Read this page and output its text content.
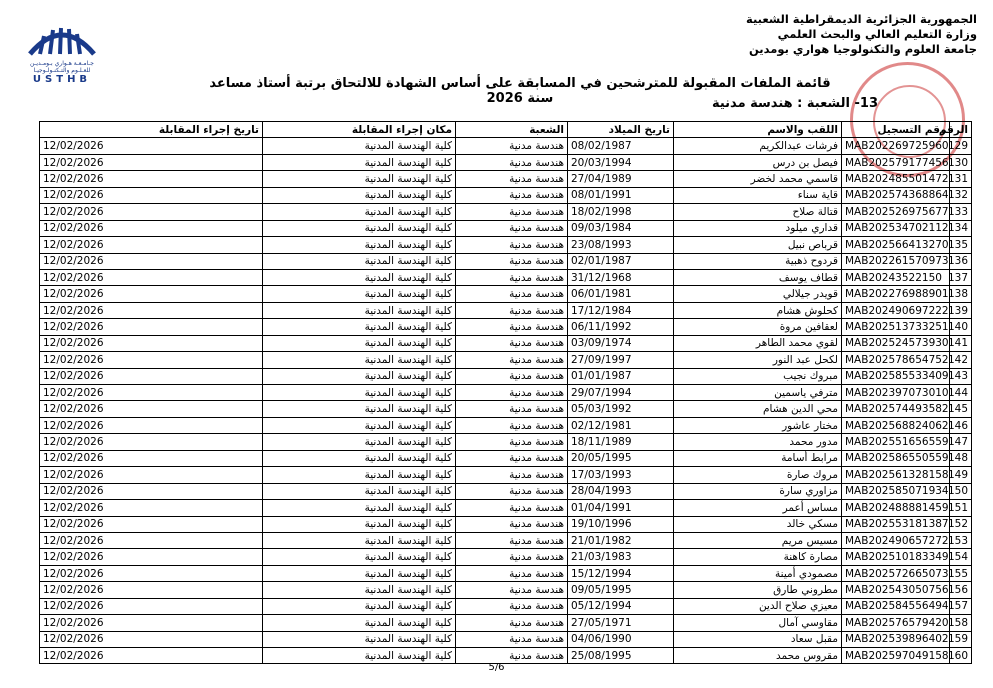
الجمهورية الجزائرية الديمقراطية الشعبية
وزارة التعليم العالي والبحث العلمي
جامعة العلوم والتكنولوجيا هواري بومدين
جـامـعـة هـواري بـومـديـن للعـلـوم والتـكنـولـوجيـا
USTHB	قائمة الملفات المقبولة للمترشحين في المسابقة على أساس الشهادة للالتحاق برتبة أستاذ مساعد سنة 2026	13- الشعبة : هندسة مدنية
الرقم	رقم التسجيل	اللقب والاسم	تاريخ الميلاد	الشعبة	مكان إجراء المقابلة	تاريخ إجراء المقابلة
129	MAB202269725960	فرشات عبدالكريم	08/02/1987	هندسة مدنية	كلية الهندسة المدنية	12/02/2026
130	MAB202579177456	فيصل بن درس	20/03/1994	هندسة مدنية	كلية الهندسة المدنية	12/02/2026
131	MAB202485501472	قاسمي محمد لخضر	27/04/1989	هندسة مدنية	كلية الهندسة المدنية	12/02/2026
132	MAB202574368864	قاية سناء	08/01/1991	هندسة مدنية	كلية الهندسة المدنية	12/02/2026
133	MAB202526975677	قتالة صلاح	18/02/1998	هندسة مدنية	كلية الهندسة المدنية	12/02/2026
134	MAB202534702112	قداري ميلود	09/03/1984	هندسة مدنية	كلية الهندسة المدنية	12/02/2026
135	MAB202566413270	قرباص نبيل	23/08/1993	هندسة مدنية	كلية الهندسة المدنية	12/02/2026
136	MAB202261570973	قردوح ذهبية	02/01/1987	هندسة مدنية	كلية الهندسة المدنية	12/02/2026
137	MAB20243522150	قطاف يوسف	31/12/1968	هندسة مدنية	كلية الهندسة المدنية	12/02/2026
138	MAB202276988901	قويدر جيلالي	06/01/1981	هندسة مدنية	كلية الهندسة المدنية	12/02/2026
139	MAB202490697222	كحلوش هشام	17/12/1984	هندسة مدنية	كلية الهندسة المدنية	12/02/2026
140	MAB202513733251	لعقافين مروة	06/11/1992	هندسة مدنية	كلية الهندسة المدنية	12/02/2026
141	MAB202524573930	لقوي محمد الطاهر	03/09/1974	هندسة مدنية	كلية الهندسة المدنية	12/02/2026
142	MAB202578654752	لكحل عبد النور	27/09/1997	هندسة مدنية	كلية الهندسة المدنية	12/02/2026
143	MAB202585533409	مبروك نجيب	01/01/1987	هندسة مدنية	كلية الهندسة المدنية	12/02/2026
144	MAB202397073010	مترفي ياسمين	29/07/1994	هندسة مدنية	كلية الهندسة المدنية	12/02/2026
145	MAB202574493582	محي الدين هشام	05/03/1992	هندسة مدنية	كلية الهندسة المدنية	12/02/2026
146	MAB202568824062	مختار عاشور	02/12/1981	هندسة مدنية	كلية الهندسة المدنية	12/02/2026
147	MAB202551656559	مدور محمد	18/11/1989	هندسة مدنية	كلية الهندسة المدنية	12/02/2026
148	MAB202586550559	مرابط أسامة	20/05/1995	هندسة مدنية	كلية الهندسة المدنية	12/02/2026
149	MAB202561328158	مروك صارة	17/03/1993	هندسة مدنية	كلية الهندسة المدنية	12/02/2026
150	MAB202585071934	مزاوري سارة	28/04/1993	هندسة مدنية	كلية الهندسة المدنية	12/02/2026
151	MAB202488881459	مساس أعمر	01/04/1991	هندسة مدنية	كلية الهندسة المدنية	12/02/2026
152	MAB202553181387	مسكي خالد	19/10/1996	هندسة مدنية	كلية الهندسة المدنية	12/02/2026
153	MAB202490657272	مسيس مريم	21/01/1982	هندسة مدنية	كلية الهندسة المدنية	12/02/2026
154	MAB202510183349	مصارة كاهنة	21/03/1983	هندسة مدنية	كلية الهندسة المدنية	12/02/2026
155	MAB202572665073	مصمودي أمينة	15/12/1994	هندسة مدنية	كلية الهندسة المدنية	12/02/2026
156	MAB202543050756	مطروني طارق	09/05/1995	هندسة مدنية	كلية الهندسة المدنية	12/02/2026
157	MAB202584556494	معيزي صلاح الدين	05/12/1994	هندسة مدنية	كلية الهندسة المدنية	12/02/2026
158	MAB202576579420	مقاوسي آمال	27/05/1971	هندسة مدنية	كلية الهندسة المدنية	12/02/2026
159	MAB202539896402	مقبل سعاد	04/06/1990	هندسة مدنية	كلية الهندسة المدنية	12/02/2026
160	MAB202597049158	مقروس محمد	25/08/1995	هندسة مدنية	كلية الهندسة المدنية	12/02/2026
5/6
